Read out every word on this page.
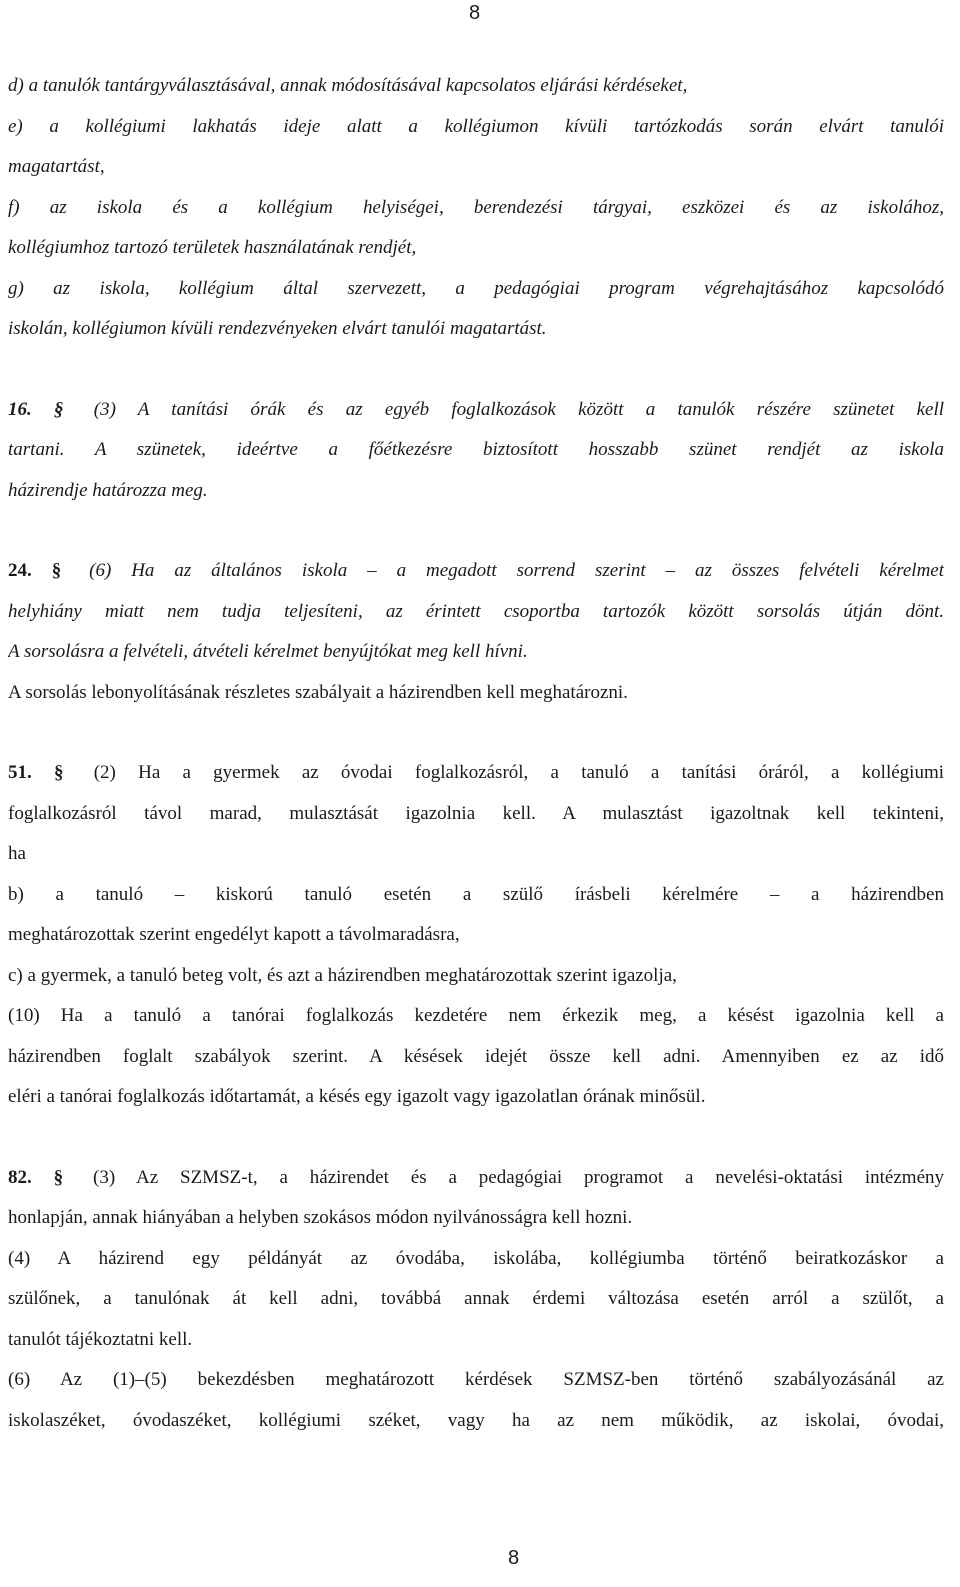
8
d) a tanulók tantárgyválasztásával, annak módosításával kapcsolatos eljárási kérdéseket,
e) a kollégiumi lakhatás ideje alatt a kollégiumon kívüli tartózkodás során elvárt tanulói
magatartást,
f) az iskola és a kollégium helyiségei, berendezési tárgyai, eszközei és az iskolához,
kollégiumhoz tartozó területek használatának rendjét,
g) az iskola, kollégium által szervezett, a pedagógiai program végrehajtásához kapcsolódó
iskolán, kollégiumon kívüli rendezvényeken elvárt tanulói magatartást.
16. § (3) A tanítási órák és az egyéb foglalkozások között a tanulók részére szünetet kell
tartani. A szünetek, ideértve a főétkezésre biztosított hosszabb szünet rendjét az iskola
házirendje határozza meg.
24. § (6) Ha az általános iskola – a megadott sorrend szerint – az összes felvételi kérelmet
helyhiány miatt nem tudja teljesíteni, az érintett csoportba tartozók között sorsolás útján dönt.
A sorsolásra a felvételi, átvételi kérelmet benyújtókat meg kell hívni.
A sorsolás lebonyolításának részletes szabályait a házirendben kell meghatározni.
51. § (2) Ha a gyermek az óvodai foglalkozásról, a tanuló a tanítási óráról, a kollégiumi
foglalkozásról távol marad, mulasztását igazolnia kell. A mulasztást igazoltnak kell tekinteni,
ha
b) a tanuló – kiskorú tanuló esetén a szülő írásbeli kérelmére – a házirendben
meghatározottak szerint engedélyt kapott a távolmaradásra,
c) a gyermek, a tanuló beteg volt, és azt a házirendben meghatározottak szerint igazolja,
(10) Ha a tanuló a tanórai foglalkozás kezdetére nem érkezik meg, a késést igazolnia kell a
házirendben foglalt szabályok szerint. A késések idejét össze kell adni. Amennyiben ez az idő
eléri a tanórai foglalkozás időtartamát, a késés egy igazolt vagy igazolatlan órának minősül.
82. § (3) Az SZMSZ-t, a házirendet és a pedagógiai programot a nevelési-oktatási intézmény
honlapján, annak hiányában a helyben szokásos módon nyilvánosságra kell hozni.
(4) A házirend egy példányát az óvodába, iskolába, kollégiumba történő beiratkozáskor a
szülőnek, a tanulónak át kell adni, továbbá annak érdemi változása esetén arról a szülőt, a
tanulót tájékoztatni kell.
(6) Az (1)–(5) bekezdésben meghatározott kérdések SZMSZ-ben történő szabályozásánál az
iskolaszéket, óvodaszéket, kollégiumi széket, vagy ha az nem működik, az iskolai, óvodai,
8
